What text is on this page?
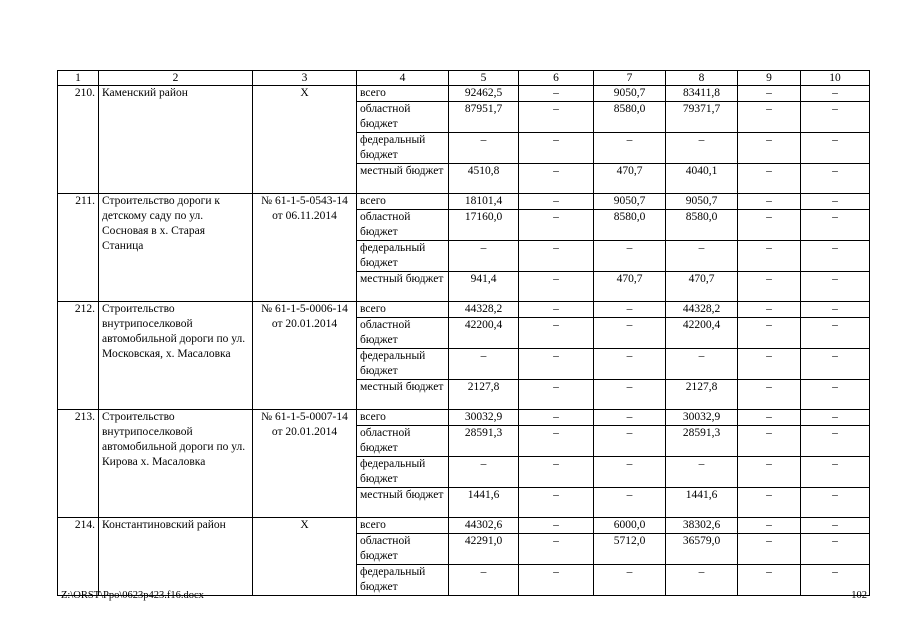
1	2	3	4	5	6	7	8	9	10
210.	Каменский район	Х	всего	92462,5	–	9050,7	83411,8	–	–
			областной бюджет	87951,7	–	8580,0	79371,7	–	–
			федеральный бюджет	–	–	–	–	–	–
			местный бюджет	4510,8	–	470,7	4040,1	–	–
211.	Строительство дороги к детскому саду по ул. Сосновая в х. Старая Станица	№ 61-1-5-0543-14 от 06.11.2014	всего	18101,4	–	9050,7	9050,7	–	–
			областной бюджет	17160,0	–	8580,0	8580,0	–	–
			федеральный бюджет	–	–	–	–	–	–
			местный бюджет	941,4	–	470,7	470,7	–	–
212.	Строительство внутрипоселковой автомобильной дороги по ул. Московская, х. Масаловка	№ 61-1-5-0006-14 от 20.01.2014	всего	44328,2	–	–	44328,2	–	–
			областной бюджет	42200,4	–	–	42200,4	–	–
			федеральный бюджет	–	–	–	–	–	–
			местный бюджет	2127,8	–	–	2127,8	–	–
213.	Строительство внутрипоселковой автомобильной дороги по ул. Кирова х. Масаловка	№ 61-1-5-0007-14 от 20.01.2014	всего	30032,9	–	–	30032,9	–	–
			областной бюджет	28591,3	–	–	28591,3	–	–
			федеральный бюджет	–	–	–	–	–	–
			местный бюджет	1441,6	–	–	1441,6	–	–
214.	Константиновский район	Х	всего	44302,6	–	6000,0	38302,6	–	–
			областной бюджет	42291,0	–	5712,0	36579,0	–	–
			федеральный бюджет	–	–	–	–	–	–
Z:\ORST\Ppo\0623p423.f16.docx	102
